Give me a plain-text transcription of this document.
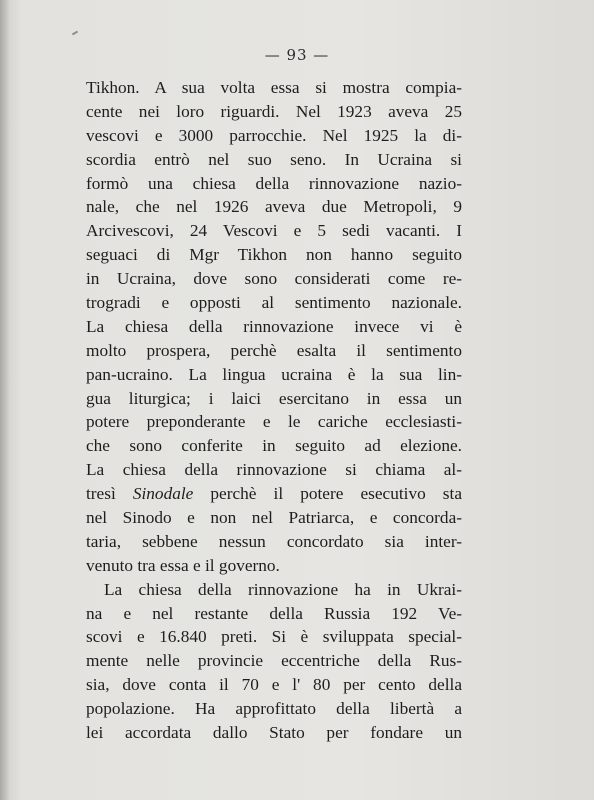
— 93 —
Tikhon. A sua volta essa si mostra compia-
cente nei loro riguardi. Nel 1923 aveva 25
vescovi e 3000 parrocchie. Nel 1925 la di-
scordia entrò nel suo seno. In Ucraina si
formò una chiesa della rinnovazione nazio-
nale, che nel 1926 aveva due Metropoli, 9
Arcivescovi, 24 Vescovi e 5 sedi vacanti. I
seguaci di Mgr Tikhon non hanno seguito
in Ucraina, dove sono considerati come re-
trogradi e opposti al sentimento nazionale.
La chiesa della rinnovazione invece vi è
molto prospera, perchè esalta il sentimento
pan-ucraino. La lingua ucraina è la sua lin-
gua liturgica; i laici esercitano in essa un
potere preponderante e le cariche ecclesiasti-
che sono conferite in seguito ad elezione.
La chiesa della rinnovazione si chiama al-
tresì Sinodale perchè il potere esecutivo sta
nel Sinodo e non nel Patriarca, e concorda-
taria, sebbene nessun concordato sia inter-
venuto tra essa e il governo.
La chiesa della rinnovazione ha in Ukrai-
na e nel restante della Russia 192 Ve-
scovi e 16.840 preti. Si è sviluppata special-
mente nelle provincie eccentriche della Rus-
sia, dove conta il 70 e l' 80 per cento della
popolazione. Ha approfittato della libertà a
lei accordata dallo Stato per fondare un
